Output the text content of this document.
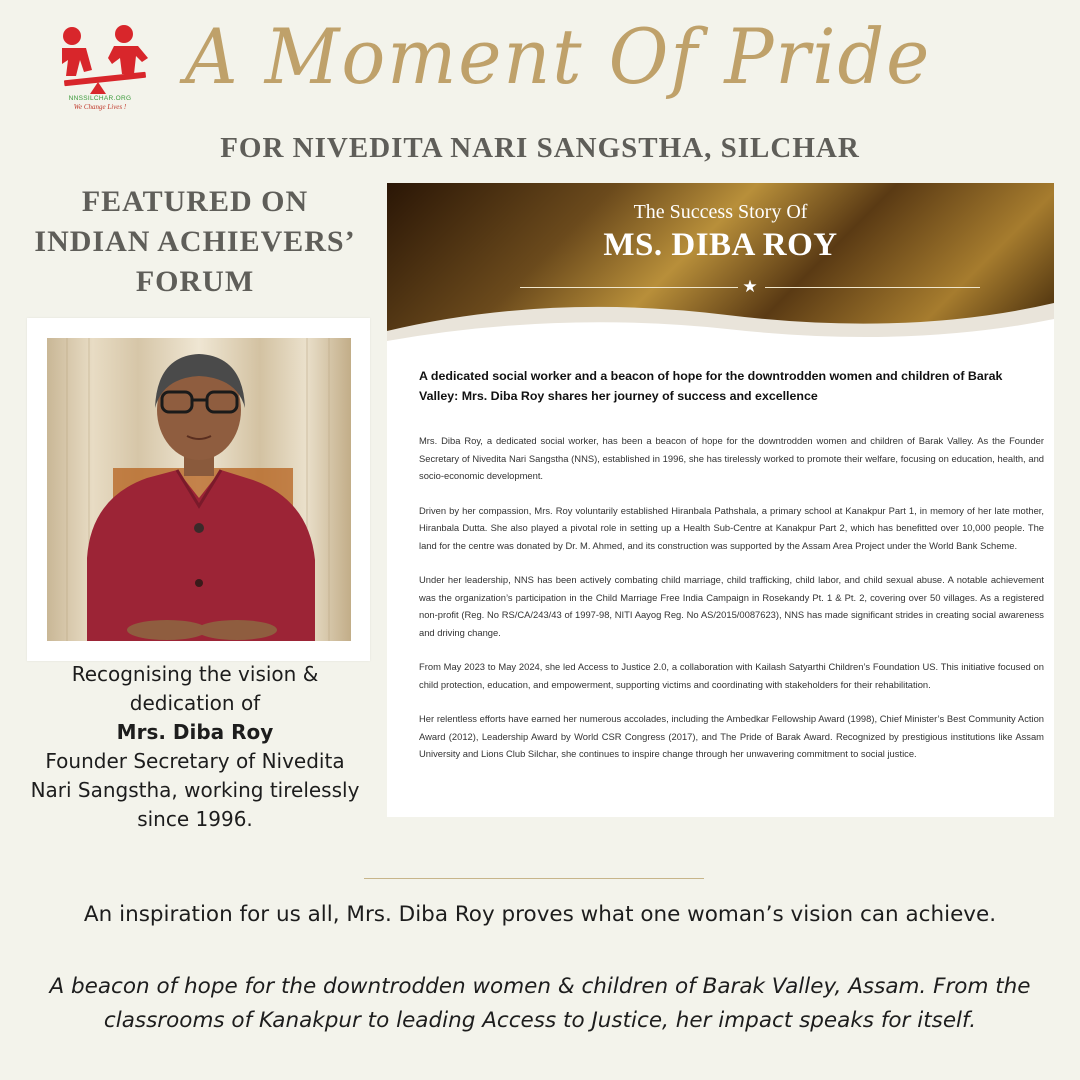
NNSSILCHAR.ORG
We Change Lives !
A Moment Of Pride
FOR NIVEDITA NARI SANGSTHA, SILCHAR
FEATURED ON
INDIAN ACHIEVERS’
FORUM
Recognising the vision &
dedication of
Mrs. Diba Roy
Founder Secretary of Nivedita
Nari Sangstha, working tirelessly
since 1996.
The Success Story Of
MS. DIBA ROY
★

A dedicated social worker and a beacon of hope for the downtrodden women and children of Barak Valley: Mrs. Diba Roy shares her journey of success and excellence

Mrs. Diba Roy, a dedicated social worker, has been a beacon of hope for the downtrodden women and children of Barak Valley. As the Founder Secretary of Nivedita Nari Sangstha (NNS), established in 1996, she has tirelessly worked to promote their welfare, focusing on education, health, and socio-economic development.

Driven by her compassion, Mrs. Roy voluntarily established Hiranbala Pathshala, a primary school at Kanakpur Part 1, in memory of her late mother, Hiranbala Dutta. She also played a pivotal role in setting up a Health Sub-Centre at Kanakpur Part 2, which has benefitted over 10,000 people. The land for the centre was donated by Dr. M. Ahmed, and its construction was supported by the Assam Area Project under the World Bank Scheme.

Under her leadership, NNS has been actively combating child marriage, child trafficking, child labor, and child sexual abuse. A notable achievement was the organization’s participation in the Child Marriage Free India Campaign in Rosekandy Pt. 1 & Pt. 2, covering over 50 villages. As a registered non-profit (Reg. No RS/CA/243/43 of 1997-98, NITI Aayog Reg. No AS/2015/0087623), NNS has made significant strides in creating social awareness and driving change.

From May 2023 to May 2024, she led Access to Justice 2.0, a collaboration with Kailash Satyarthi Children’s Foundation US. This initiative focused on child protection, education, and empowerment, supporting victims and coordinating with stakeholders for their rehabilitation.

Her relentless efforts have earned her numerous accolades, including the Ambedkar Fellowship Award (1998), Chief Minister’s Best Community Action Award (2012), Leadership Award by World CSR Congress (2017), and The Pride of Barak Award. Recognized by prestigious institutions like Assam University and Lions Club Silchar, she continues to inspire change through her unwavering commitment to social justice.

An inspiration for us all, Mrs. Diba Roy proves what one woman’s vision can achieve.
A beacon of hope for the downtrodden women & children of Barak Valley, Assam. From the classrooms of Kanakpur to leading Access to Justice, her impact speaks for itself.
